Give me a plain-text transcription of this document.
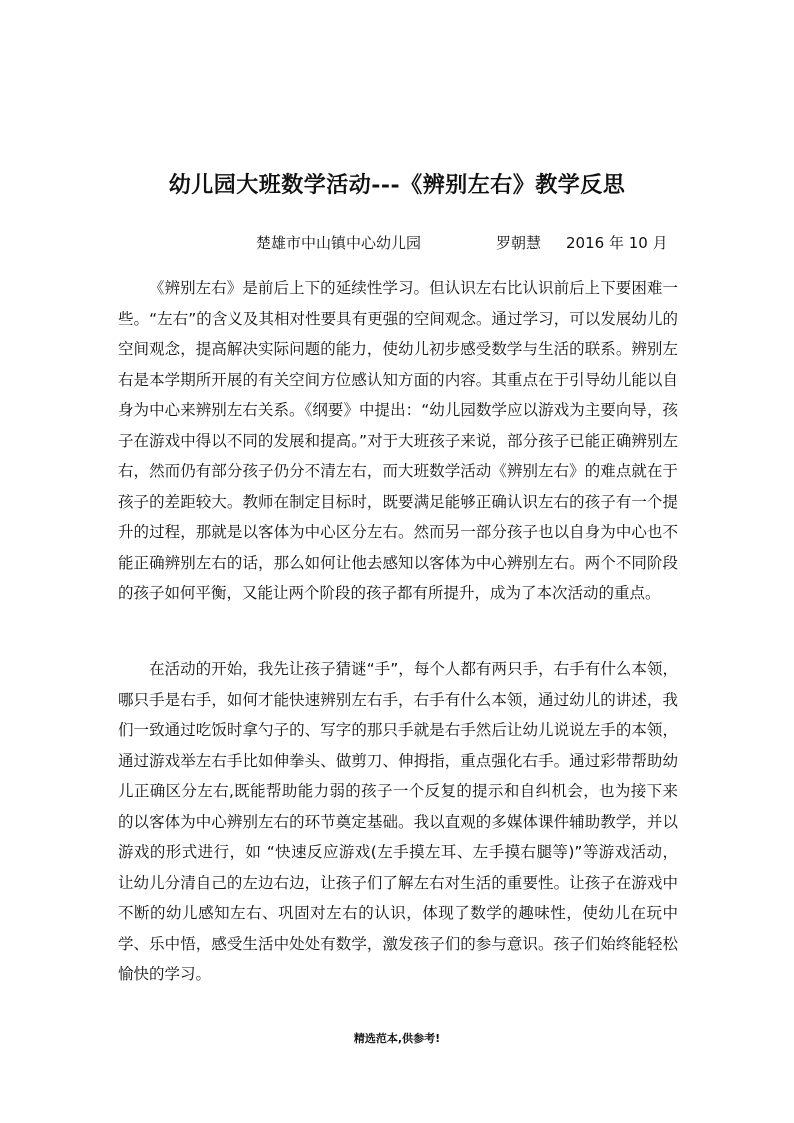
幼儿园大班数学活动---《辨别左右》教学反思
楚雄市中山镇中心幼儿园	罗朝慧 2016 年 10 月

《辨别左右》是前后上下的延续性学习。但认识左右比认识前后上下要困难一些。“左右”的含义及其相对性要具有更强的空间观念。通过学习，可以发展幼儿的空间观念，提高解决实际问题的能力，使幼儿初步感受数学与生活的联系。辨别左右是本学期所开展的有关空间方位感认知方面的内容。其重点在于引导幼儿能以自身为中心来辨别左右关系。《纲要》中提出：“幼儿园数学应以游戏为主要向导，孩子在游戏中得以不同的发展和提高。”对于大班孩子来说，部分孩子已能正确辨别左右，然而仍有部分孩子仍分不清左右，而大班数学活动《辨别左右》的难点就在于孩子的差距较大。教师在制定目标时，既要满足能够正确认识左右的孩子有一个提升的过程，那就是以客体为中心区分左右。然而另一部分孩子也以自身为中心也不能正确辨别左右的话，那么如何让他去感知以客体为中心辨别左右。两个不同阶段的孩子如何平衡，又能让两个阶段的孩子都有所提升，成为了本次活动的重点。

在活动的开始，我先让孩子猜谜“手”，每个人都有两只手，右手有什么本领，哪只手是右手，如何才能快速辨别左右手，右手有什么本领，通过幼儿的讲述，我们一致通过吃饭时拿勺子的、写字的那只手就是右手然后让幼儿说说左手的本领，通过游戏举左右手比如伸拳头、做剪刀、伸拇指，重点强化右手。通过彩带帮助幼儿正确区分左右,既能帮助能力弱的孩子一个反复的提示和自纠机会，也为接下来的以客体为中心辨别左右的环节奠定基础。我以直观的多媒体课件辅助教学，并以游戏的形式进行，如 “快速反应游戏(左手摸左耳、左手摸右腿等)”等游戏活动，让幼儿分清自己的左边右边，让孩子们了解左右对生活的重要性。让孩子在游戏中不断的幼儿感知左右、巩固对左右的认识，体现了数学的趣味性，使幼儿在玩中学、乐中悟，感受生活中处处有数学，激发孩子们的参与意识。孩子们始终能轻松愉快的学习。

精选范本,供参考!
